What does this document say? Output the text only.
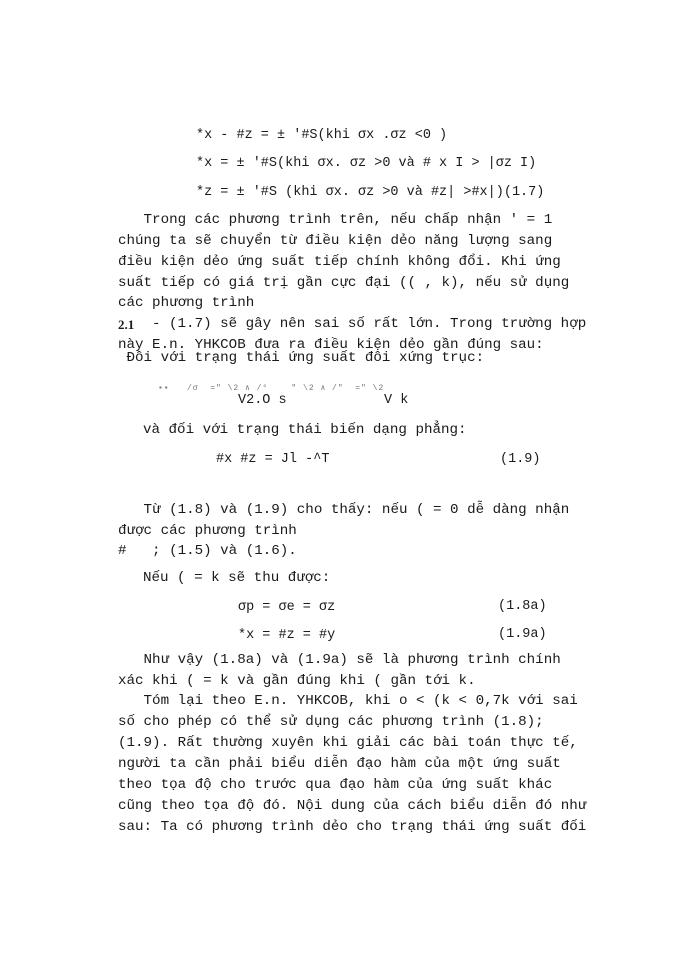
*x - #z = ± '#S(khi σx .σz <0 )
*x = ± '#S(khi σx. σz >0 và # x I > |σz I)
*z = ± '#S (khi σx. σz >0 và #z| >#x|)(1.7)
Trong các phương trình trên, nếu chấp nhận ' = 1
chúng ta sẽ chuyển từ điều kiện dẻo năng lượng sang
điều kiện dẻo ứng suất tiếp chính không đổi. Khi ứng
suất tiếp có giá trị gần cực đại (( , k), nếu sử dụng
các phương trình
2.1 - (1.7) sẽ gây nên sai số rất lớn. Trong trường hợp
này E.n. YHKCOB đưa ra điều kiện dẻo gần đúng sau:
Đôi với trạng thái ứng suất đôi xứng trục:
▪▪   /σ  =" \2 ∧ /°    " \2 ∧ /"  =" \2
V2.O s	V k
và đối với trạng thái biến dạng phẳng:
#x #z = Jl -^T	(1.9)
Từ (1.8) và (1.9) cho thấy: nếu ( = 0 dễ dàng nhận
được các phương trình
#   ; (1.5) và (1.6).
Nếu ( = k sẽ thu được:
σp = σe = σz	(1.8a)
*x = #z = #y	(1.9a)
Như vậy (1.8a) và (1.9a) sẽ là phương trình chính
xác khi ( = k và gần đúng khi ( gần tới k.
Tóm lại theo E.n. YHKCOB, khi o < (k < 0,7k với sai
số cho phép có thể sử dụng các phương trình (1.8);
(1.9). Rất thường xuyên khi giải các bài toán thực tế,
người ta cần phải biểu diễn đạo hàm của một ứng suất
theo tọa độ cho trước qua đạo hàm của ứng suất khác
cũng theo tọa độ đó. Nội dung của cách biểu diễn đó như
sau: Ta có phương trình dẻo cho trạng thái ứng suất đối
